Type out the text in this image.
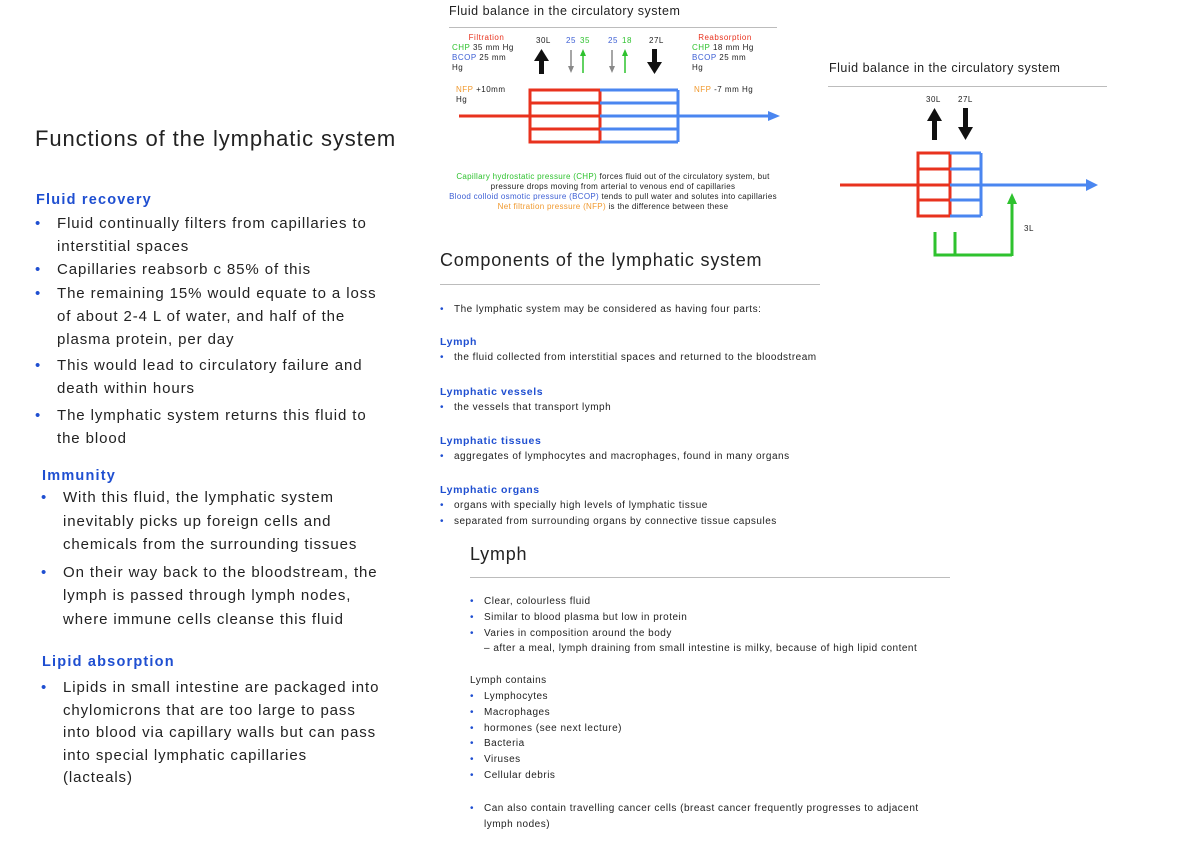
Functions of the lymphatic system
Fluid recovery
• Fluid continually filters from capillaries to interstitial spaces
• Capillaries reabsorb c 85% of this
• The remaining 15% would equate to a loss of about 2-4 L of water, and half of the plasma protein, per day
• This would lead to circulatory failure and death within hours
• The lymphatic system returns this fluid to the blood
Immunity
• With this fluid, the lymphatic system inevitably picks up foreign cells and chemicals from the surrounding tissues
• On their way back to the bloodstream, the lymph is passed through lymph nodes, where immune cells cleanse this fluid
Lipid absorption
• Lipids in small intestine are packaged into chylomicrons that are too large to pass into blood via capillary walls but can pass into special lymphatic capillaries (lacteals)
Fluid balance in the circulatory system
Filtration
CHP 35 mm Hg
BCOP 25 mm Hg
NFP +10mm Hg
Reabsorption
CHP 18 mm Hg
BCOP 25 mm Hg
NFP -7 mm Hg
30L 25 35 25 18 27L
Capillary hydrostatic pressure (CHP) forces fluid out of the circulatory system, but
pressure drops moving from arterial to venous end of capillaries
Blood colloid osmotic pressure (BCOP) tends to pull water and solutes into capillaries
Net filtration pressure (NFP) is the difference between these
Fluid balance in the circulatory system
30L 27L
3L
Components of the lymphatic system
• The lymphatic system may be considered as having four parts:
Lymph
• the fluid collected from interstitial spaces and returned to the bloodstream
Lymphatic vessels
• the vessels that transport lymph
Lymphatic tissues
• aggregates of lymphocytes and macrophages, found in many organs
Lymphatic organs
• organs with specially high levels of lymphatic tissue
• separated from surrounding organs by connective tissue capsules
Lymph
• Clear, colourless fluid
• Similar to blood plasma but low in protein
• Varies in composition around the body
– after a meal, lymph draining from small intestine is milky, because of high lipid content
Lymph contains
• Lymphocytes
• Macrophages
• hormones (see next lecture)
• Bacteria
• Viruses
• Cellular debris
• Can also contain travelling cancer cells (breast cancer frequently progresses to adjacent lymph nodes)
